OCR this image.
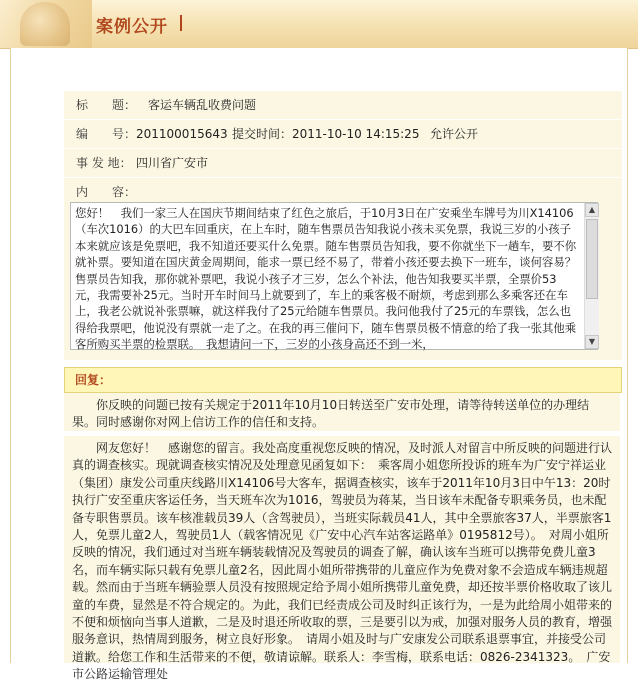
案例公开
标　　题： 客运车辆乱收费问题
编　　号： 201100015643 提交时间： 2011-10-10 14:15:25 允许公开
事 发 地： 四川省广安市
内　　容：
您好！　我们一家三人在国庆节期间结束了红色之旅后，于10月3日在广安乘坐车牌号为川X14106（车次1016）的大巴车回重庆，在上车时，随车售票员告知我说小孩未买免票，我说三岁的小孩子本来就应该是免票吧，我不知道还要买什么免票。随车售票员告知我，要不你就坐下一趟车，要不你就补票。要知道在国庆黄金周期间，能求一票已经不易了，带着小孩还要去换下一班车，谈何容易？售票员告知我，那你就补票吧，我说小孩子才三岁，怎么个补法，他告知我要买半票，全票价53元，我需要补25元。当时开车时间马上就要到了，车上的乘客极不耐烦，考虑到那么多乘客还在车上，我老公就说补张票嘛，就这样我付了25元给随车售票员。我问他我付了25元的车票钱，怎么也得给我票吧，他说没有票就一走了之。在我的再三催问下，随车售票员极不情意的给了我一张其他乘客所购买半票的检票联。　我想请问一下，三岁的小孩身高还不到一米，
▲
▼
回复：
你反映的问题已按有关规定于2011年10月10日转送至广安市处理，请等待转送单位的办理结果。同时感谢你对网上信访工作的信任和支持。
网友您好！　感谢您的留言。我处高度重视您反映的情况，及时派人对留言中所反映的问题进行认真的调查核实。现就调查核实情况及处理意见函复如下：　乘客周小姐您所投诉的班车为广安宁祥运业（集团）康发公司重庆线路川X14106号大客车，据调查核实，该车于2011年10月3日中午13：20时执行广安至重庆客运任务，当天班车次为1016，驾驶员为蒋某，当日该车未配备专职乘务员，也未配备专职售票员。该车核准载员39人（含驾驶员），当班实际载员41人，其中全票旅客37人，半票旅客1人，免票儿童2人，驾驶员1人（载客情况见《广安中心汽车站客运路单》0195812号）。　对周小姐所反映的情况，我们通过对当班车辆装载情况及驾驶员的调查了解，确认该车当班可以携带免费儿童3名，而车辆实际只载有免票儿童2名，因此周小姐所带携带的儿童应作为免费对象不会造成车辆违规超载。然而由于当班车辆验票人员没有按照规定给予周小姐所携带儿童免费，却还按半票价格收取了该儿童的车费，显然是不符合规定的。为此，我们已经责成公司及时纠正该行为，一是为此给周小姐带来的不便和烦恼向当事人道歉，二是及时退还所收取的票，三是要引以为戒，加强对服务人员的教育，增强服务意识，热情周到服务，树立良好形象。　请周小姐及时与广安康发公司联系退票事宜，并接受公司道歉。给您工作和生活带来的不便，敬请谅解。联系人：李雪梅，联系电话：0826-2341323。　广安市公路运输管理处
